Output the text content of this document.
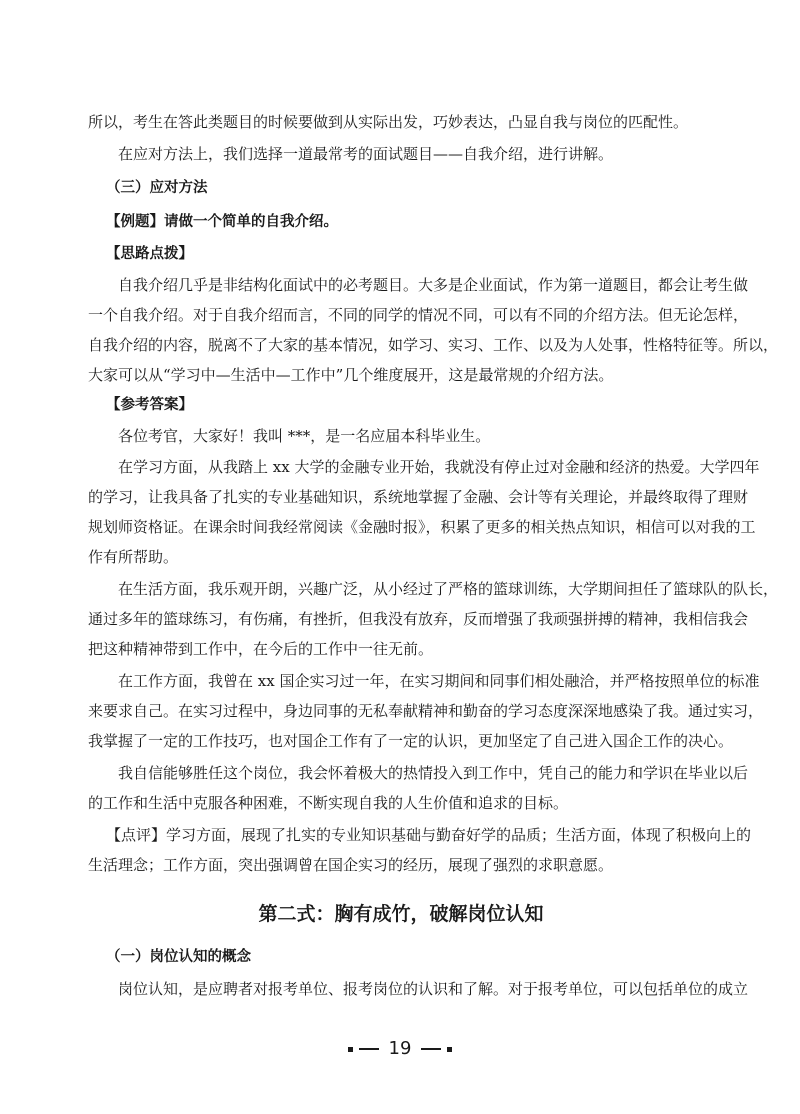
所以，考生在答此类题目的时候要做到从实际出发，巧妙表达，凸显自我与岗位的匹配性。

在应对方法上，我们选择一道最常考的面试题目——自我介绍，进行讲解。

（三）应对方法

【例题】请做一个简单的自我介绍。

【思路点拨】

自我介绍几乎是非结构化面试中的必考题目。大多是企业面试，作为第一道题目，都会让考生做
一个自我介绍。对于自我介绍而言，不同的同学的情况不同，可以有不同的介绍方法。但无论怎样，
自我介绍的内容，脱离不了大家的基本情况，如学习、实习、工作、以及为人处事，性格特征等。所以，
大家可以从“学习中—生活中—工作中”几个维度展开，这是最常规的介绍方法。

【参考答案】

各位考官，大家好！我叫 ***，是一名应届本科毕业生。
在学习方面，从我踏上 xx 大学的金融专业开始，我就没有停止过对金融和经济的热爱。大学四年
的学习，让我具备了扎实的专业基础知识，系统地掌握了金融、会计等有关理论，并最终取得了理财
规划师资格证。在课余时间我经常阅读《金融时报》，积累了更多的相关热点知识，相信可以对我的工
作有所帮助。
在生活方面，我乐观开朗，兴趣广泛，从小经过了严格的篮球训练，大学期间担任了篮球队的队长，
通过多年的篮球练习，有伤痛，有挫折，但我没有放弃，反而增强了我顽强拼搏的精神，我相信我会
把这种精神带到工作中，在今后的工作中一往无前。
在工作方面，我曾在 xx 国企实习过一年，在实习期间和同事们相处融洽，并严格按照单位的标准
来要求自己。在实习过程中，身边同事的无私奉献精神和勤奋的学习态度深深地感染了我。通过实习，
我掌握了一定的工作技巧，也对国企工作有了一定的认识，更加坚定了自己进入国企工作的决心。
我自信能够胜任这个岗位，我会怀着极大的热情投入到工作中，凭自己的能力和学识在毕业以后
的工作和生活中克服各种困难，不断实现自我的人生价值和追求的目标。
【点评】学习方面，展现了扎实的专业知识基础与勤奋好学的品质；生活方面，体现了积极向上的
生活理念；工作方面，突出强调曾在国企实习的经历，展现了强烈的求职意愿。

第二式：胸有成竹，破解岗位认知

（一）岗位认知的概念

岗位认知，是应聘者对报考单位、报考岗位的认识和了解。对于报考单位，可以包括单位的成立

19
